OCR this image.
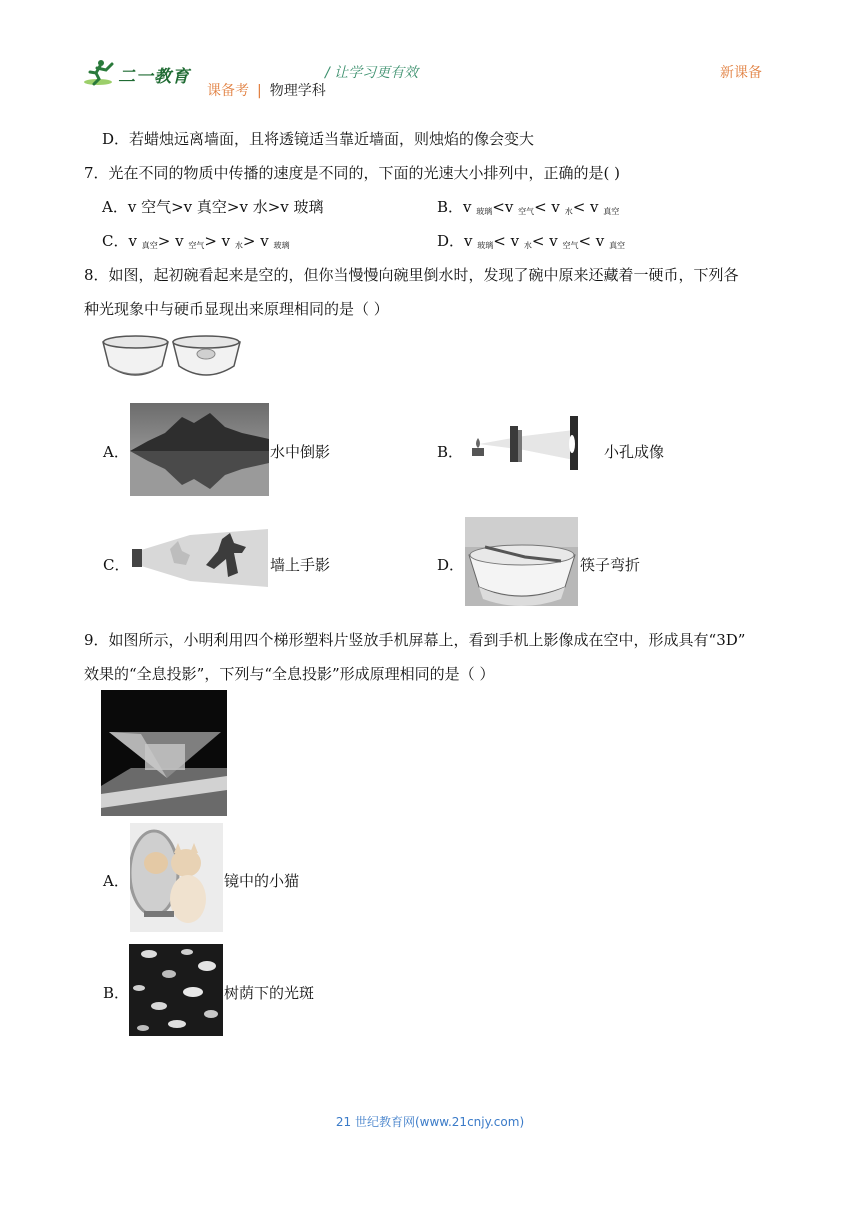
二一教育	/ 让学习更有效
课备考 | 物理学科
新课备
D．若蜡烛远离墙面，且将透镜适当靠近墙面，则烛焰的像会变大
7．光在不同的物质中传播的速度是不同的，下面的光速大小排列中，正确的是( )
A．v 空气>v 真空>v 水>v 玻璃	B．v $_{玻璃}$<v $_{空气}$< v $_水$< v $_{真空}$
C．v $_{真空}$> v $_{空气}$> v $_水$> v $_{玻璃}$	D．v $_{玻璃}$< v $_水$< v $_{空气}$< v $_{真空}$
8．如图，起初碗看起来是空的，但你当慢慢向碗里倒水时，发现了碗中原来还藏着一硬币，下列各
种光现象中与硬币显现出来原理相同的是（ ）
A．	水中倒影	B．	小孔成像
C．	墙上手影	D．	筷子弯折
9．如图所示，小明利用四个梯形塑料片竖放手机屏幕上，看到手机上影像成在空中，形成具有“3D”
效果的“全息投影”，下列与“全息投影”形成原理相同的是（ ）
A．	镜中的小猫
B．	树荫下的光斑
21 世纪教育网(www.21cnjy.com)
